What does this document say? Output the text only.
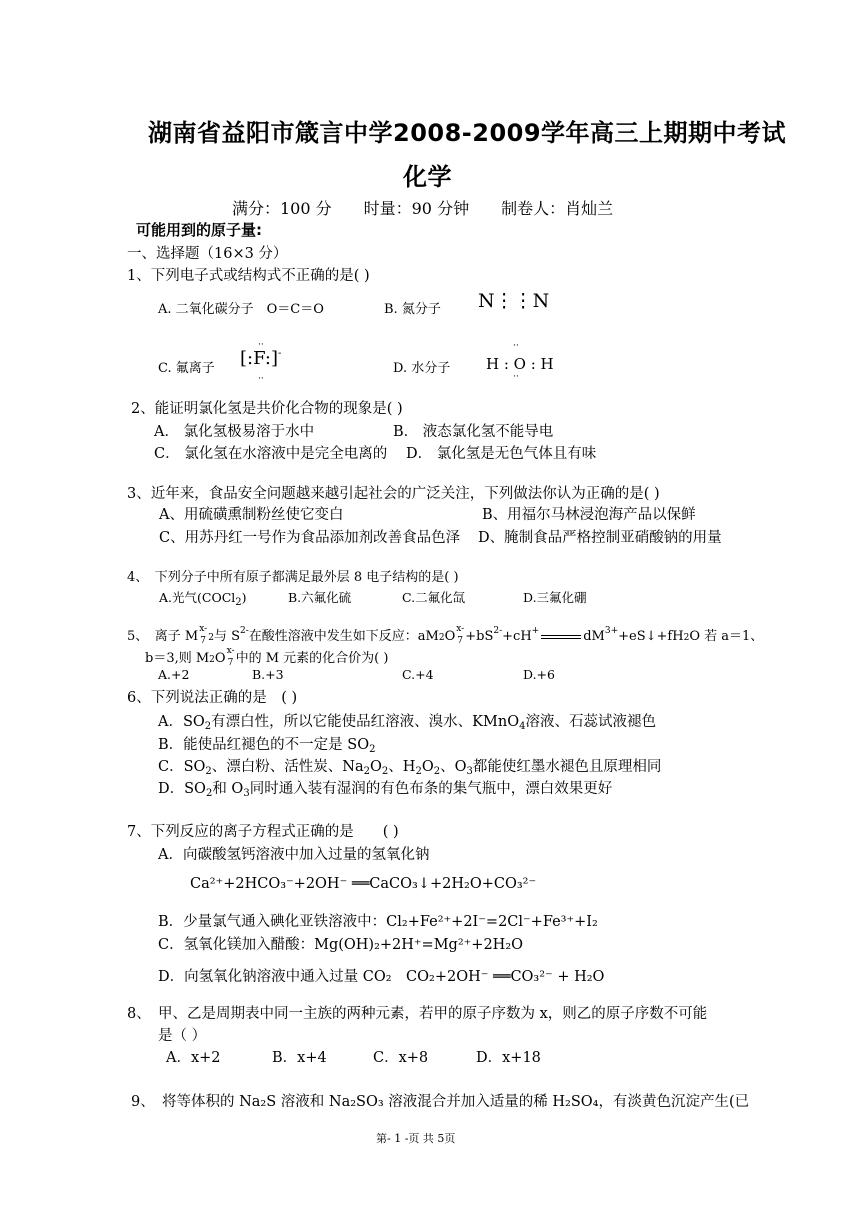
湖南省益阳市箴言中学2008-2009学年高三上期期中考试
化学
满分：100 分　　时量：90 分钟　　制卷人：肖灿兰
可能用到的原子量:
一、选择题（16×3 分）
1、下列电子式或结构式不正确的是( )
A. 二氧化碳分子　O＝C＝O	B. 氮分子 N⋮⋮N
C. 氟离子
··
[:F:]-
··
D. 水分子
··
H : O : H
··
2、能证明氯化氢是共价化合物的现象是( )
A． 氯化氢极易溶于水中	B． 液态氯化氢不能导电
C． 氯化氢在水溶液中是完全电离的 D． 氯化氢是无色气体且有味
3、近年来，食品安全问题越来越引起社会的广泛关注，下列做法你认为正确的是( )
A、用硫磺熏制粉丝使它变白	B、用福尔马林浸泡海产品以保鲜
C、用苏丹红一号作为食品添加剂改善食品色泽 D、腌制食品严格控制亚硝酸钠的用量
4、　下列分子中所有原子都满足最外层 8 电子结构的是( )
A.光气(COCl$_2$)	B.六氟化硫	C.二氟化氙	D.三氟化硼
5、　离子 M
x-
7 2与 $S^{2-}$在酸性溶液中发生如下反应：aM2O
x-
$7 +bS^{2-}+cH^+$	$dM^{3+}+eS↓+fH2O$ 若 a＝1、
b＝3,则 M2O
x-
7 中的 M 元素的化合价为( )
A.+2	B.+3	C.+4	D.+6
6、下列说法正确的是　( )
A．$SO_2$有漂白性，所以它能使品红溶液、溴水、KMnO$_4$溶液、石蕊试液褪色
B．能使品红褪色的不一定是 $SO_2$
C．$SO_2$、漂白粉、活性炭、$Na_2O_2$、$H_2O_2$、$O_3$都能使红墨水褪色且原理相同
D．$SO_2$和 $O_3$同时通入装有湿润的有色布条的集气瓶中，漂白效果更好
7、下列反应的离子方程式正确的是　　( )
A．向碳酸氢钙溶液中加入过量的氢氧化钠
Ca²⁺+2HCO₃⁻+2OH⁻ ══CaCO₃↓+2H₂O+CO₃²⁻
B．少量氯气通入碘化亚铁溶液中：Cl₂+Fe²⁺+2I⁻=2Cl⁻+Fe³⁺+I₂
C．氢氧化镁加入醋酸：Mg(OH)₂+2H⁺=Mg²⁺+2H₂O
D．向氢氧化钠溶液中通入过量 CO₂　CO₂+2OH⁻ ══CO₃²⁻ + H₂O
8、　甲、乙是周期表中同一主族的两种元素，若甲的原子序数为 x，则乙的原子序数不可能
是（ ）
A．x+2	B．x+4	C．x+8	D．x+18
9、　将等体积的 Na₂S 溶液和 Na₂SO₃ 溶液混合并加入适量的稀 H₂SO₄，有淡黄色沉淀产生(已
第- 1 -页 共 5页
